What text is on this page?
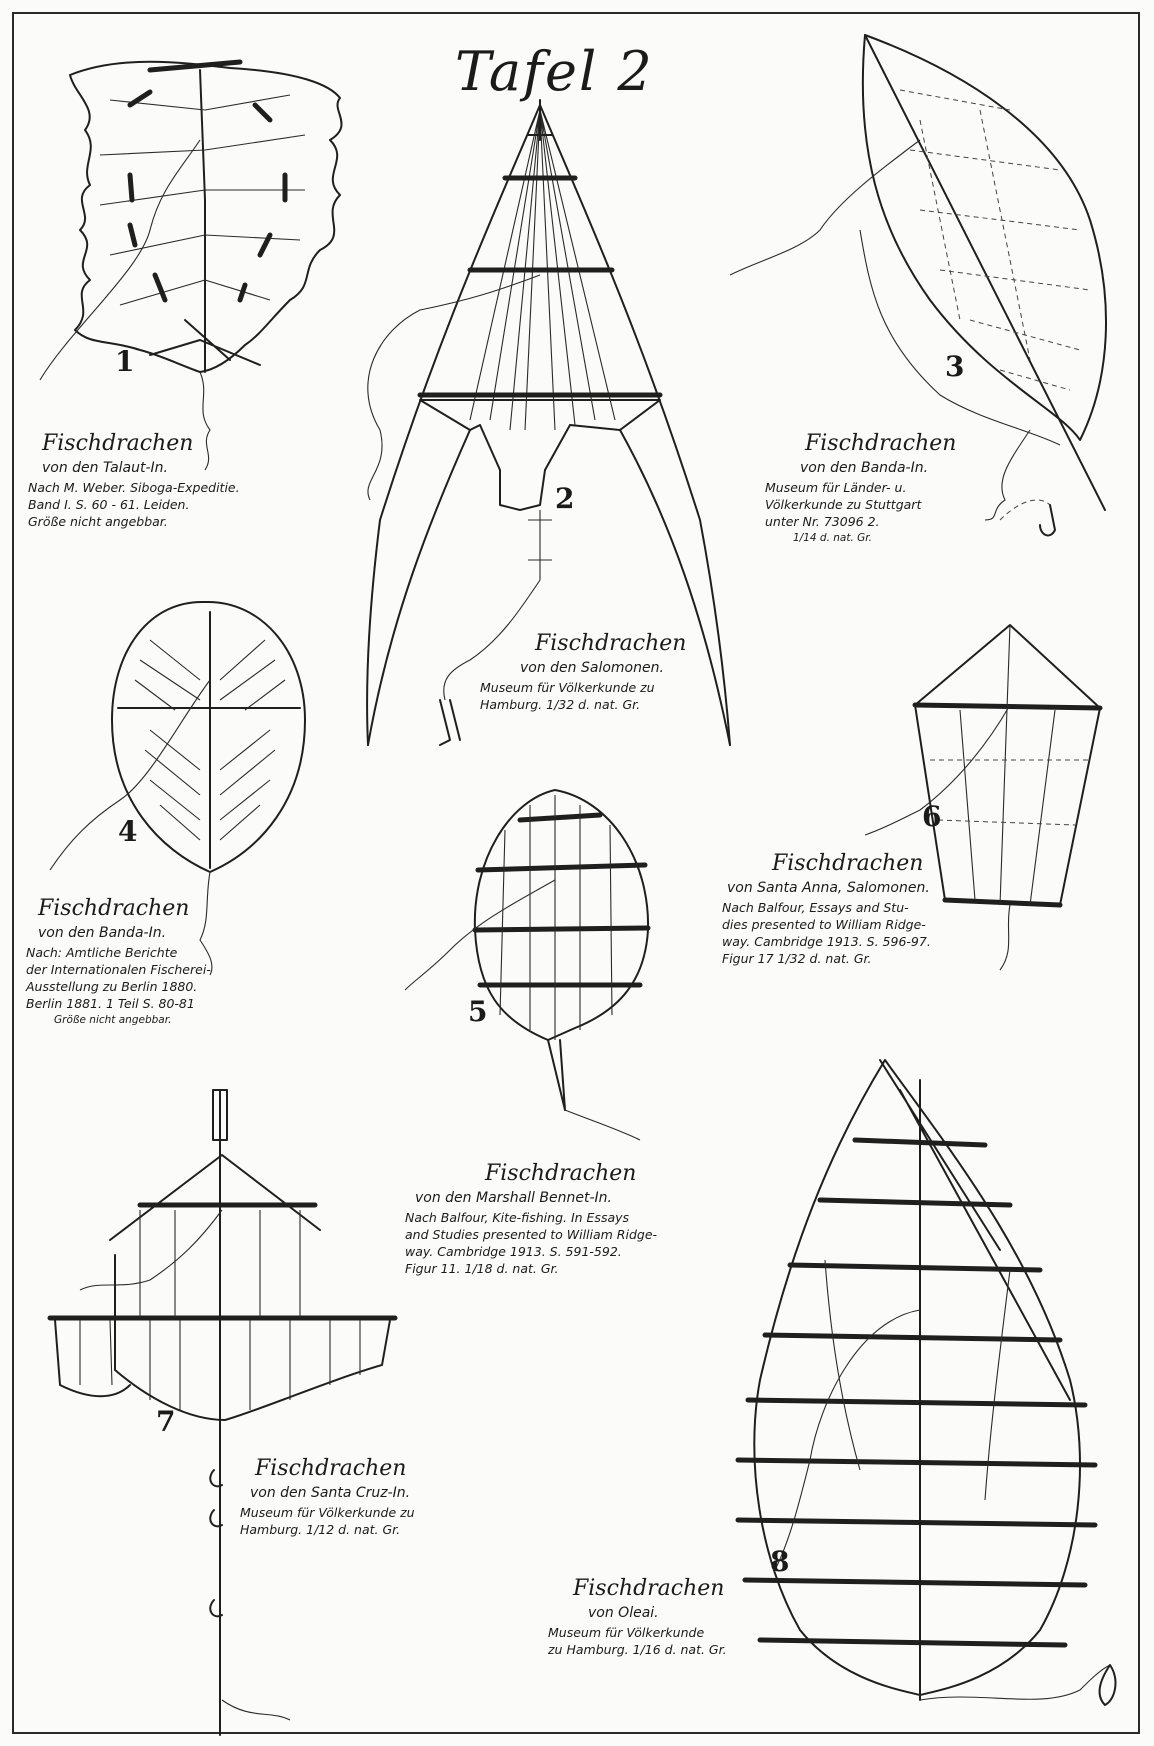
Tafel 2
1
2
3
4
5
6
7
8
Fischdrachen
von den Talaut-In.
Nach M. Weber. Siboga-Expeditie.
Band I. S. 60 - 61. Leiden.
Größe nicht angebbar.
Fischdrachen
von den Salomonen.
Museum für Völkerkunde zu
Hamburg. 1/32 d. nat. Gr.
Fischdrachen
von den Banda-In.
Museum für Länder- u.
Völkerkunde zu Stuttgart
unter Nr. 73096 2.
1/14 d. nat. Gr.
Fischdrachen
von den Banda-In.
Nach: Amtliche Berichte
der Internationalen Fischerei-
Ausstellung zu Berlin 1880.
Berlin 1881. 1 Teil S. 80-81
Größe nicht angebbar.
Fischdrachen
von den Marshall Bennet-In.
Nach Balfour, Kite-fishing. In Essays
and Studies presented to William Ridge-
way. Cambridge 1913. S. 591-592.
Figur 11. 1/18 d. nat. Gr.
Fischdrachen
von Santa Anna, Salomonen.
Nach Balfour, Essays and Stu-
dies presented to William Ridge-
way. Cambridge 1913. S. 596-97.
Figur 17 1/32 d. nat. Gr.
Fischdrachen
von den Santa Cruz-In.
Museum für Völkerkunde zu
Hamburg. 1/12 d. nat. Gr.
Fischdrachen
von Oleai.
Museum für Völkerkunde
zu Hamburg. 1/16 d. nat. Gr.
